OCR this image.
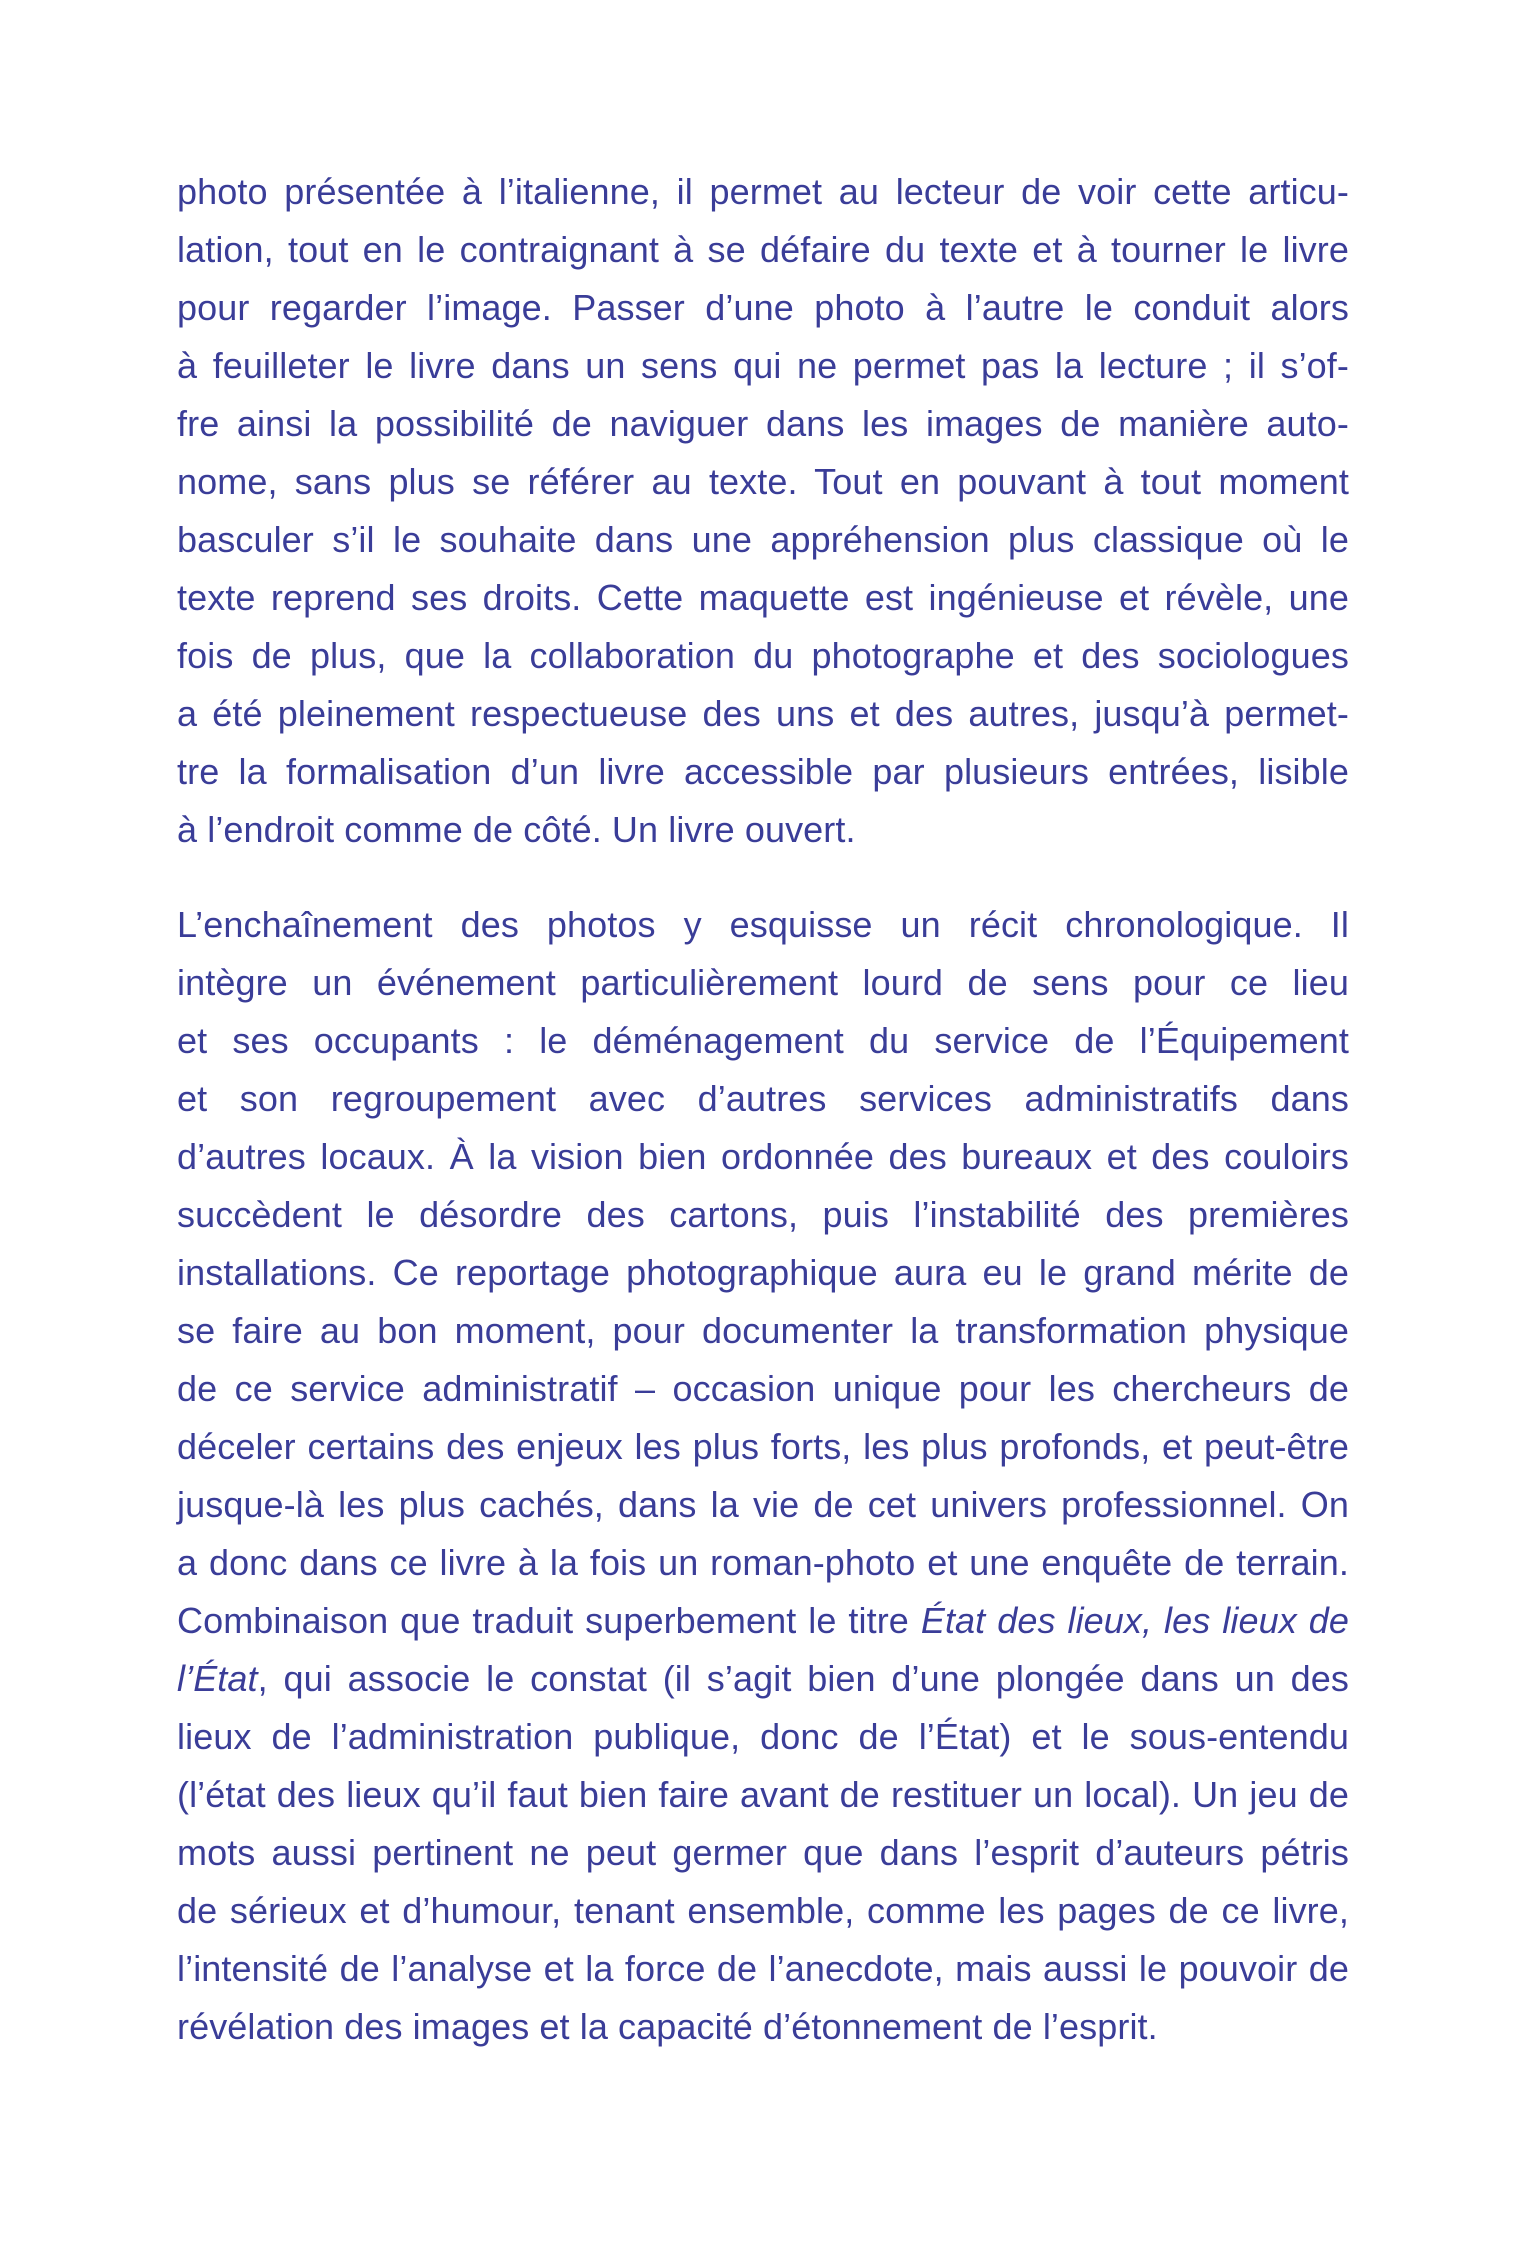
photo présentée à l’italienne, il permet au lecteur de voir cette articu-
lation, tout en le contraignant à se défaire du texte et à tourner le livre
pour regarder l’image. Passer d’une photo à l’autre le conduit alors
à feuilleter le livre dans un sens qui ne permet pas la lecture ; il s’of-
fre ainsi la possibilité de naviguer dans les images de manière auto-
nome, sans plus se référer au texte. Tout en pouvant à tout moment
basculer s’il le souhaite dans une appréhension plus classique où le
texte reprend ses droits. Cette maquette est ingénieuse et révèle, une
fois de plus, que la collaboration du photographe et des sociologues
a été pleinement respectueuse des uns et des autres, jusqu’à permet-
tre la formalisation d’un livre accessible par plusieurs entrées, lisible
à l’endroit comme de côté. Un livre ouvert.
L’enchaînement des photos y esquisse un récit chronologique. Il
intègre un événement particulièrement lourd de sens pour ce lieu
et ses occupants : le déménagement du service de l’Équipement
et son regroupement avec d’autres services administratifs dans
d’autres locaux. À la vision bien ordonnée des bureaux et des couloirs
succèdent le désordre des cartons, puis l’instabilité des premières
installations. Ce reportage photographique aura eu le grand mérite de
se faire au bon moment, pour documenter la transformation physique
de ce service administratif – occasion unique pour les chercheurs de
déceler certains des enjeux les plus forts, les plus profonds, et peut-être
jusque-là les plus cachés, dans la vie de cet univers professionnel. On
a donc dans ce livre à la fois un roman-photo et une enquête de terrain.
Combinaison que traduit superbement le titre État des lieux, les lieux de
l’État, qui associe le constat (il s’agit bien d’une plongée dans un des
lieux de l’administration publique, donc de l’État) et le sous-entendu
(l’état des lieux qu’il faut bien faire avant de restituer un local). Un jeu de
mots aussi pertinent ne peut germer que dans l’esprit d’auteurs pétris
de sérieux et d’humour, tenant ensemble, comme les pages de ce livre,
l’intensité de l’analyse et la force de l’anecdote, mais aussi le pouvoir de
révélation des images et la capacité d’étonnement de l’esprit.
